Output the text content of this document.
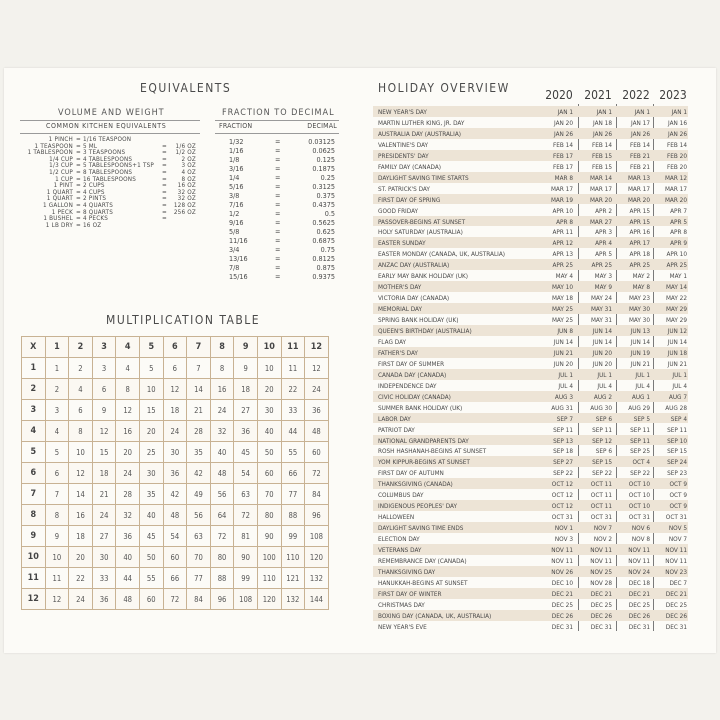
EQUIVALENTS
VOLUME AND WEIGHT	FRACTION TO DECIMAL
COMMON KITCHEN EQUIVALENTS	FRACTION	DECIMAL
1 PINCH = 1/16 TEASPOON
1 TEASPOON = 5 ML	= 1/6 OZ
1 TABLESPOON = 3 TEASPOONS	= 1/2 OZ
1/4 CUP = 4 TABLESPOONS	= 2 OZ
1/3 CUP = 5 TABLESPOONS+1 TSP = 3 OZ
1/2 CUP = 8 TABLESPOONS	= 4 OZ
1 CUP = 16 TABLESPOONS	= 8 OZ
1 PINT = 2 CUPS	= 16 OZ
1 QUART = 4 CUPS	= 32 OZ
1 QUART = 2 PINTS	= 32 OZ
1 GALLON = 4 QUARTS	= 128 OZ
1 PECK = 8 QUARTS	= 256 OZ
1 BUSHEL = 4 PECKS	=
1 LB DRY = 16 OZ
1/32	=	0.03125
1/16	=	0.0625
1/8	=	0.125
3/16	=	0.1875
1/4	=	0.25
5/16	=	0.3125
3/8	=	0.375
7/16	=	0.4375
1/2	=	0.5
9/16	=	0.5625
5/8	=	0.625
11/16	=	0.6875
3/4	=	0.75
13/16	=	0.8125
7/8	=	0.875
15/16	=	0.9375
MULTIPLICATION TABLE
X	1	2	3	4	5	6	7	8	9	10	11	12
1	1	2	3	4	5	6	7	8	9	10	11	12
2	2	4	6	8	10	12	14	16	18	20	22	24
3	3	6	9	12	15	18	21	24	27	30	33	36
4	4	8	12	16	20	24	28	32	36	40	44	48
5	5	10	15	20	25	30	35	40	45	50	55	60
6	6	12	18	24	30	36	42	48	54	60	66	72
7	7	14	21	28	35	42	49	56	63	70	77	84
8	8	16	24	32	40	48	56	64	72	80	88	96
9	9	18	27	36	45	54	63	72	81	90	99	108
10	10	20	30	40	50	60	70	80	90	100	110	120
11	11	22	33	44	55	66	77	88	99	110	121	132
12	12	24	36	48	60	72	84	96	108	120	132	144
HOLIDAY OVERVIEW	2020 2021 2022 2023
NEW YEAR'S DAY	JAN 1	JAN 1	JAN 1	JAN 1
MARTIN LUTHER KING, JR. DAY	JAN 20	JAN 18	JAN 17	JAN 16
AUSTRALIA DAY (AUSTRALIA)	JAN 26	JAN 26	JAN 26	JAN 26
VALENTINE'S DAY	FEB 14	FEB 14	FEB 14	FEB 14
PRESIDENTS' DAY	FEB 17	FEB 15	FEB 21	FEB 20
FAMILY DAY (CANADA)	FEB 17	FEB 15	FEB 21	FEB 20
DAYLIGHT SAVING TIME STARTS	MAR 8	MAR 14	MAR 13	MAR 12
ST. PATRICK'S DAY	MAR 17	MAR 17	MAR 17	MAR 17
FIRST DAY OF SPRING	MAR 19	MAR 20	MAR 20	MAR 20
GOOD FRIDAY	APR 10	APR 2	APR 15	APR 7
PASSOVER-BEGINS AT SUNSET	APR 8	MAR 27	APR 15	APR 5
HOLY SATURDAY (AUSTRALIA)	APR 11	APR 3	APR 16	APR 8
EASTER SUNDAY	APR 12	APR 4	APR 17	APR 9
EASTER MONDAY (CANADA, UK, AUSTRALIA)	APR 13	APR 5	APR 18	APR 10
ANZAC DAY (AUSTRALIA)	APR 25	APR 25	APR 25	APR 25
EARLY MAY BANK HOLIDAY (UK)	MAY 4	MAY 3	MAY 2	MAY 1
MOTHER'S DAY	MAY 10	MAY 9	MAY 8	MAY 14
VICTORIA DAY (CANADA)	MAY 18	MAY 24	MAY 23	MAY 22
MEMORIAL DAY	MAY 25	MAY 31	MAY 30	MAY 29
SPRING BANK HOLIDAY (UK)	MAY 25	MAY 31	MAY 30	MAY 29
QUEEN'S BIRTHDAY (AUSTRALIA)	JUN 8	JUN 14	JUN 13	JUN 12
FLAG DAY	JUN 14	JUN 14	JUN 14	JUN 14
FATHER'S DAY	JUN 21	JUN 20	JUN 19	JUN 18
FIRST DAY OF SUMMER	JUN 20	JUN 20	JUN 21	JUN 21
CANADA DAY (CANADA)	JUL 1	JUL 1	JUL 1	JUL 1
INDEPENDENCE DAY	JUL 4	JUL 4	JUL 4	JUL 4
CIVIC HOLIDAY (CANADA)	AUG 3	AUG 2	AUG 1	AUG 7
SUMMER BANK HOLIDAY (UK)	AUG 31	AUG 30	AUG 29	AUG 28
LABOR DAY	SEP 7	SEP 6	SEP 5	SEP 4
PATRIOT DAY	SEP 11	SEP 11	SEP 11	SEP 11
NATIONAL GRANDPARENTS DAY	SEP 13	SEP 12	SEP 11	SEP 10
ROSH HASHANAH-BEGINS AT SUNSET	SEP 18	SEP 6	SEP 25	SEP 15
YOM KIPPUR-BEGINS AT SUNSET	SEP 27	SEP 15	OCT 4	SEP 24
FIRST DAY OF AUTUMN	SEP 22	SEP 22	SEP 22	SEP 23
THANKSGIVING (CANADA)	OCT 12	OCT 11	OCT 10	OCT 9
COLUMBUS DAY	OCT 12	OCT 11	OCT 10	OCT 9
INDIGENOUS PEOPLES' DAY	OCT 12	OCT 11	OCT 10	OCT 9
HALLOWEEN	OCT 31	OCT 31	OCT 31	OCT 31
DAYLIGHT SAVING TIME ENDS	NOV 1	NOV 7	NOV 6	NOV 5
ELECTION DAY	NOV 3	NOV 2	NOV 8	NOV 7
VETERANS DAY	NOV 11	NOV 11	NOV 11	NOV 11
REMEMBRANCE DAY (CANADA)	NOV 11	NOV 11	NOV 11	NOV 11
THANKSGIVING DAY	NOV 26	NOV 25	NOV 24	NOV 23
HANUKKAH-BEGINS AT SUNSET	DEC 10	NOV 28	DEC 18	DEC 7
FIRST DAY OF WINTER	DEC 21	DEC 21	DEC 21	DEC 21
CHRISTMAS DAY	DEC 25	DEC 25	DEC 25	DEC 25
BOXING DAY (CANADA, UK, AUSTRALIA)	DEC 26	DEC 26	DEC 26	DEC 26
NEW YEAR'S EVE	DEC 31	DEC 31	DEC 31	DEC 31
